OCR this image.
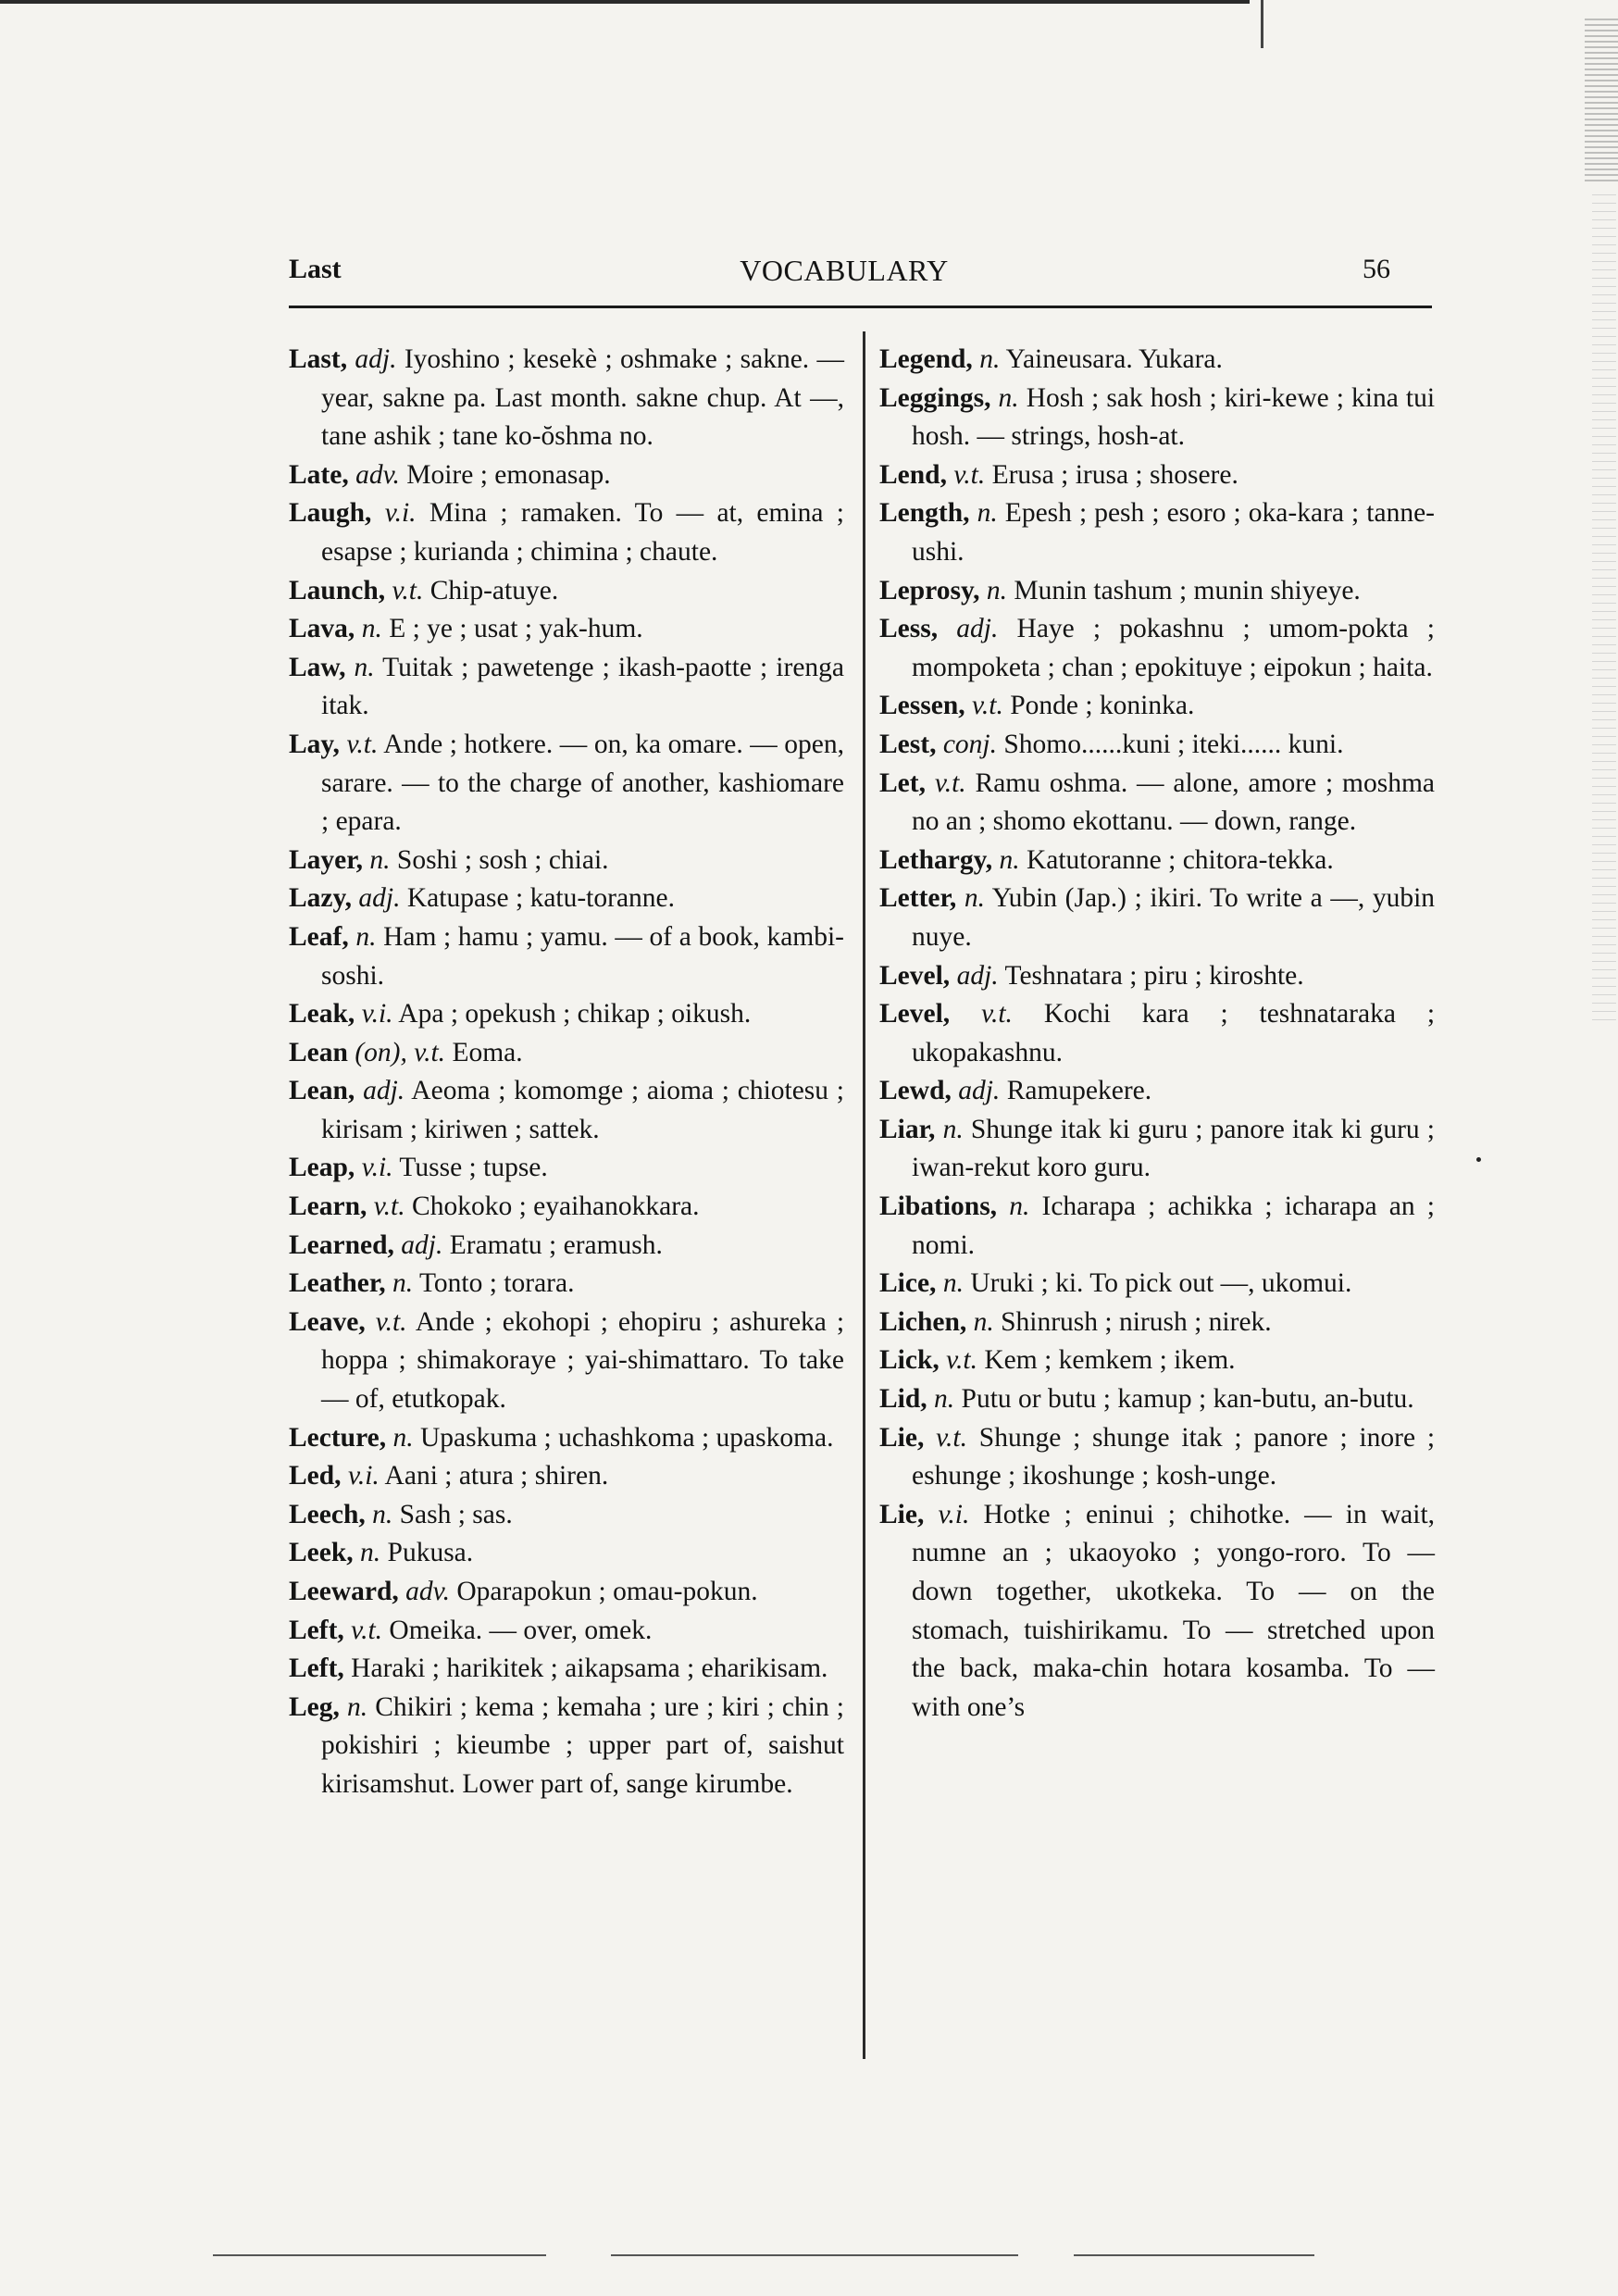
Last	VOCABULARY	56

Last, adj. Iyoshino ; kesekè ; oshmake ; sakne. — year, sakne pa. Last month. sakne chup. At —, tane ashik ; tane ko-ŏshma no.

Late, adv. Moire ; emonasap.

Laugh, v.i. Mina ; ramaken. To — at, emina ; esapse ; kurianda ; chimina ; chaute.

Launch, v.t. Chip-atuye.

Lava, n. E ; ye ; usat ; yak-hum.

Law, n. Tuitak ; pawetenge ; ikash-paotte ; irenga itak.

Lay, v.t. Ande ; hotkere. — on, ka omare. — open, sarare. — to the charge of another, kashiomare ; epara.

Layer, n. Soshi ; sosh ; chiai.

Lazy, adj. Katupase ; katu-toranne.

Leaf, n. Ham ; hamu ; yamu. — of a book, kambi-soshi.

Leak, v.i. Apa ; opekush ; chikap ; oikush.

Lean (on), v.t. Eoma.

Lean, adj. Aeoma ; komomge ; aioma ; chiotesu ; kirisam ; kiriwen ; sattek.

Leap, v.i. Tusse ; tupse.

Learn, v.t. Chokoko ; eyaihanokkara.

Learned, adj. Eramatu ; eramush.

Leather, n. Tonto ; torara.

Leave, v.t. Ande ; ekohopi ; ehopiru ; ashureka ; hoppa ; shimakoraye ; yai-shimattaro. To take — of, etutkopak.

Lecture, n. Upaskuma ; uchashkoma ; upaskoma.

Led, v.i. Aani ; atura ; shiren.

Leech, n. Sash ; sas.

Leek, n. Pukusa.

Leeward, adv. Oparapokun ; omau-pokun.

Left, v.t. Omeika. — over, omek.

Left, Haraki ; harikitek ; aikapsama ; eharikisam.

Leg, n. Chikiri ; kema ; kemaha ; ure ; kiri ; chin ; pokishiri ; kieumbe ; upper part of, saishut kirisamshut. Lower part of, sange kirumbe.

Legend, n. Yaineusara. Yukara.

Leggings, n. Hosh ; sak hosh ; kiri-kewe ; kina tui hosh. — strings, hosh-at.

Lend, v.t. Erusa ; irusa ; shosere.

Length, n. Epesh ; pesh ; esoro ; oka-kara ; tanne-ushi.

Leprosy, n. Munin tashum ; munin shiyeye.

Less, adj. Haye ; pokashnu ; umom-pokta ; mompoketa ; chan ; epokituye ; eipokun ; haita.

Lessen, v.t. Ponde ; koninka.

Lest, conj. Shomo......kuni ; iteki...... kuni.

Let, v.t. Ramu oshma. — alone, amore ; moshma no an ; shomo ekottanu. — down, range.

Lethargy, n. Katutoranne ; chitora-tekka.

Letter, n. Yubin (Jap.) ; ikiri. To write a —, yubin nuye.

Level, adj. Teshnatara ; piru ; kiroshte.

Level, v.t. Kochi kara ; teshnataraka ; ukopakashnu.

Lewd, adj. Ramupekere.

Liar, n. Shunge itak ki guru ; panore itak ki guru ; iwan-rekut koro guru.

Libations, n. Icharapa ; achikka ; icharapa an ; nomi.

Lice, n. Uruki ; ki. To pick out —, ukomui.

Lichen, n. Shinrush ; nirush ; nirek.

Lick, v.t. Kem ; kemkem ; ikem.

Lid, n. Putu or butu ; kamup ; kan-butu, an-butu.

Lie, v.t. Shunge ; shunge itak ; panore ; inore ; eshunge ; ikoshunge ; kosh-unge.

Lie, v.i. Hotke ; eninui ; chihotke. — in wait, numne an ; ukaoyoko ; yongo-roro. To — down together, ukotkeka. To — on the stomach, tuishirikamu. To — stretched upon the back, maka-chin hotara kosamba. To — with one’s
